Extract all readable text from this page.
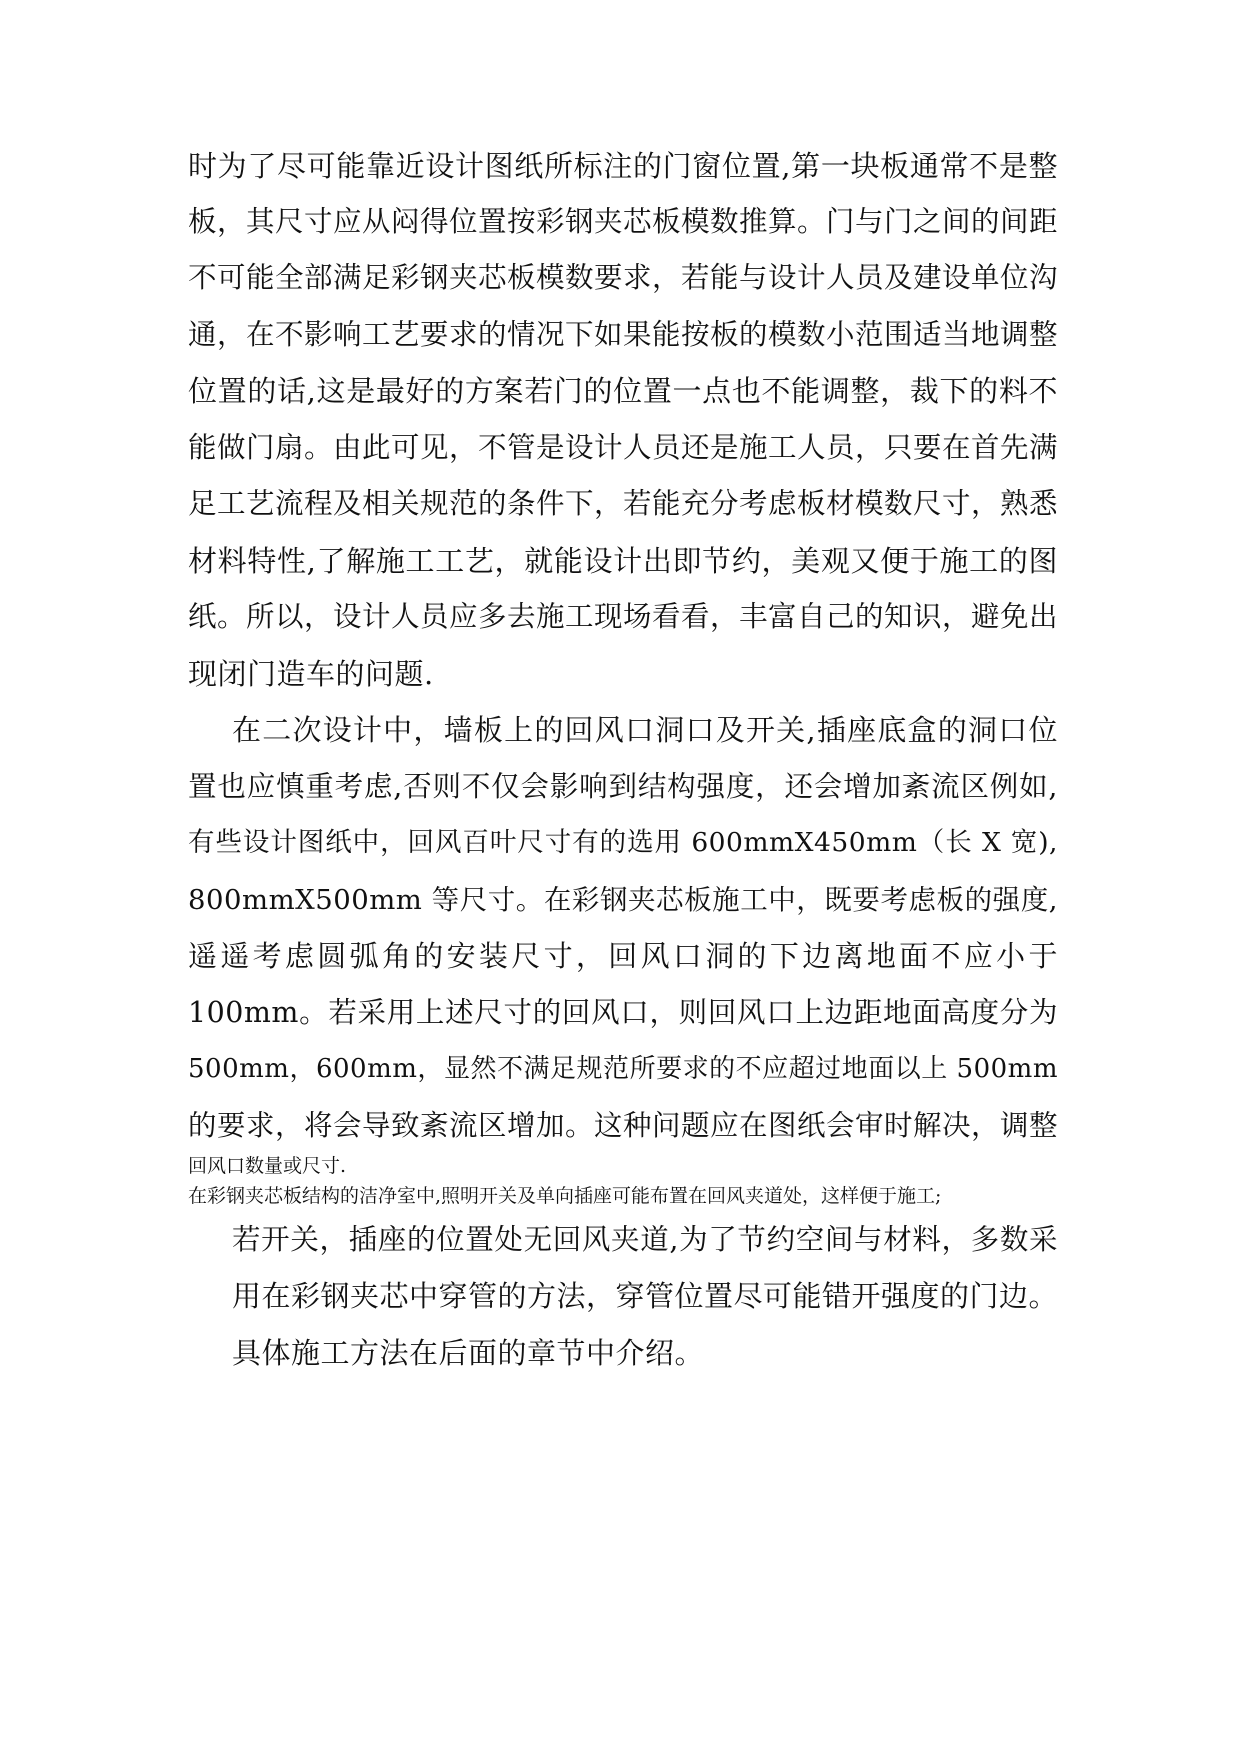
时为了尽可能靠近设计图纸所标注的门窗位置,第一块板通常不是整
板，其尺寸应从闷得位置按彩钢夹芯板模数推算。门与门之间的间距
不可能全部满足彩钢夹芯板模数要求，若能与设计人员及建设单位沟
通，在不影响工艺要求的情况下如果能按板的模数小范围适当地调整
位置的话,这是最好的方案若门的位置一点也不能调整，裁下的料不
能做门扇。由此可见，不管是设计人员还是施工人员，只要在首先满
足工艺流程及相关规范的条件下，若能充分考虑板材模数尺寸，熟悉
材料特性,了解施工工艺，就能设计出即节约，美观又便于施工的图
纸。所以，设计人员应多去施工现场看看，丰富自己的知识，避免出
现闭门造车的问题.
在二次设计中，墙板上的回风口洞口及开关,插座底盒的洞口位
置也应慎重考虑,否则不仅会影响到结构强度，还会增加紊流区例如,
有些设计图纸中，回风百叶尺寸有的选用 600mmX450mm（长 X 宽),
800mmX500mm 等尺寸。在彩钢夹芯板施工中，既要考虑板的强度,
遥遥考虑圆弧角的安装尺寸，回风口洞的下边离地面不应小于
100mm。若采用上述尺寸的回风口，则回风口上边距地面高度分为
500mm，600mm，显然不满足规范所要求的不应超过地面以上 500mm
的要求，将会导致紊流区增加。这种问题应在图纸会审时解决，调整
回风口数量或尺寸.
在彩钢夹芯板结构的洁净室中,照明开关及单向插座可能布置在回风夹道处，这样便于施工;
若开关，插座的位置处无回风夹道,为了节约空间与材料，多数采
用在彩钢夹芯中穿管的方法，穿管位置尽可能错开强度的门边。
具体施工方法在后面的章节中介绍。
